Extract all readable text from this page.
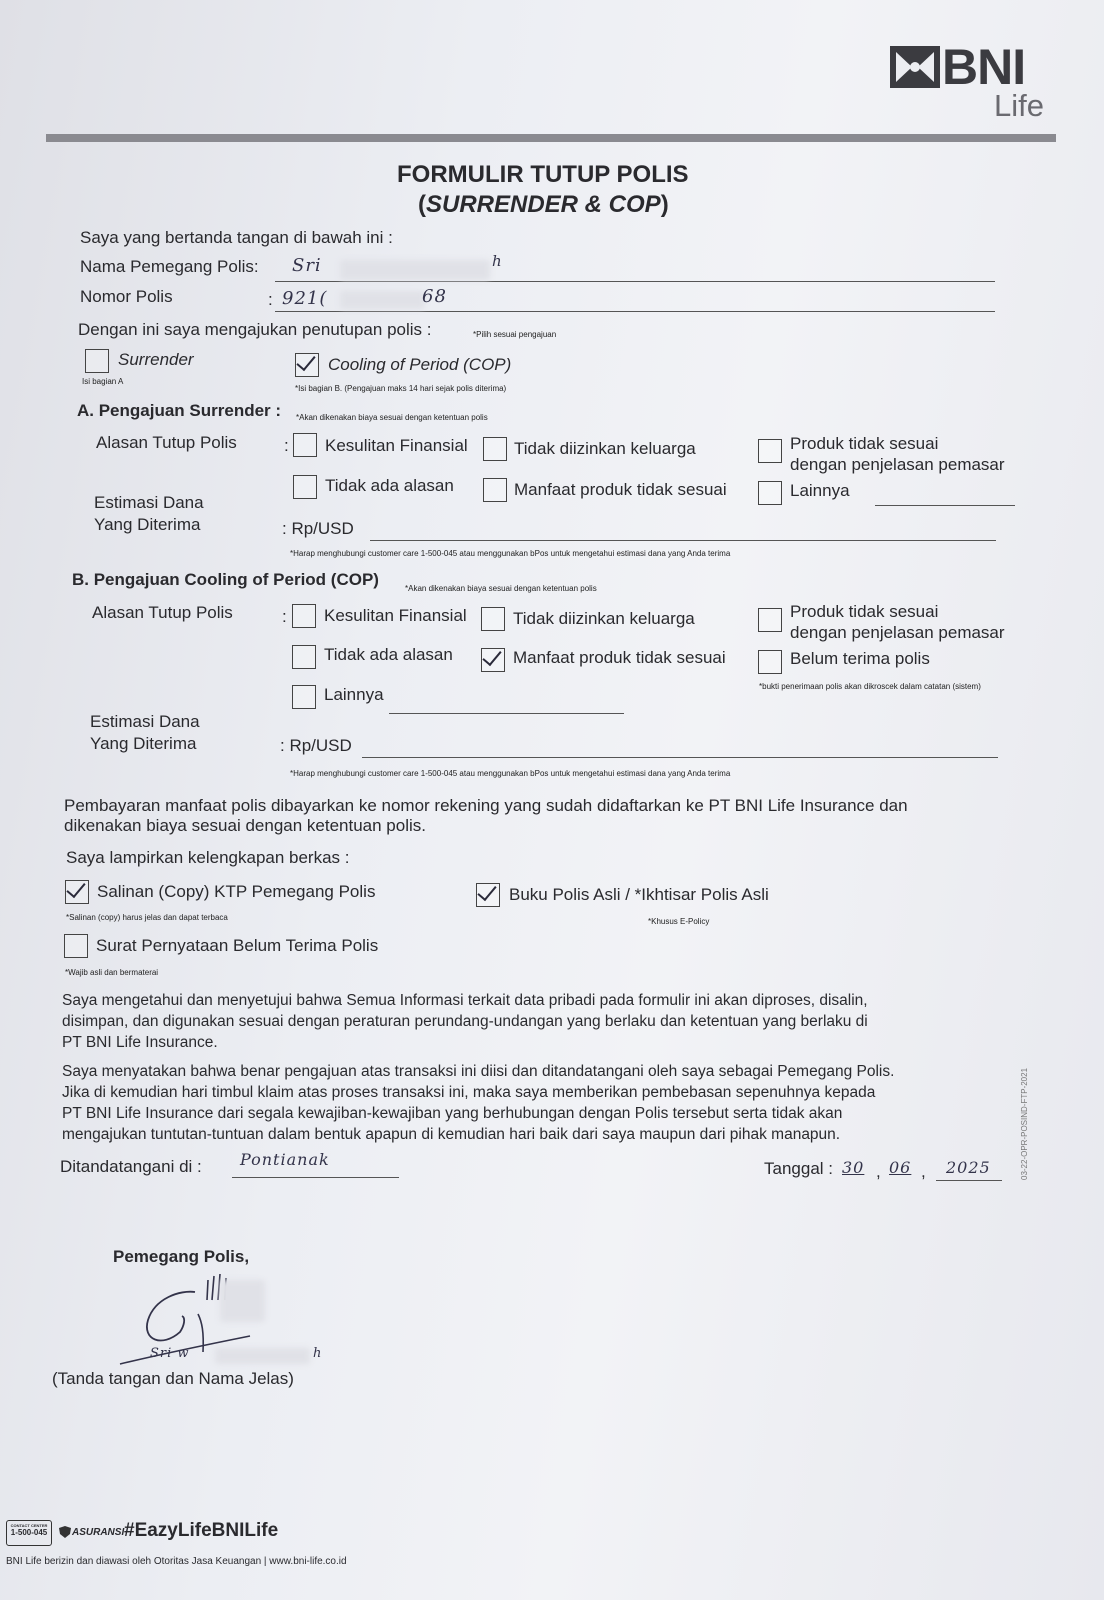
BNI
Life
FORMULIR TUTUP POLIS
(SURRENDER & COP)
Saya yang bertanda tangan di bawah ini :
Nama Pemegang Polis: Sri	h
Nomor Polis	: 921(	68
Dengan ini saya mengajukan penutupan polis :	*Pilih sesuai pengajuan
Surrender
Isi bagian A
Cooling of Period (COP)
*Isi bagian B. (Pengajuan maks 14 hari sejak polis diterima)
A. Pengajuan Surrender : *Akan dikenakan biaya sesuai dengan ketentuan polis
Alasan Tutup Polis	: Kesulitan Finansial	Tidak diizinkan keluarga	Produk tidak sesuai
dengan penjelasan pemasar
Tidak ada alasan	Manfaat produk tidak sesuai	Lainnya
Estimasi Dana
Yang Diterima	: Rp/USD
*Harap menghubungi customer care 1-500-045 atau menggunakan bPos untuk mengetahui estimasi dana yang Anda terima
B. Pengajuan Cooling of Period (COP)	*Akan dikenakan biaya sesuai dengan ketentuan polis
Alasan Tutup Polis	: Kesulitan Finansial	Tidak diizinkan keluarga	Produk tidak sesuai
dengan penjelasan pemasar
Tidak ada alasan	Manfaat produk tidak sesuai	Belum terima polis
*bukti penerimaan polis akan dikroscek dalam catatan (sistem)
Lainnya
Estimasi Dana
Yang Diterima	: Rp/USD
*Harap menghubungi customer care 1-500-045 atau menggunakan bPos untuk mengetahui estimasi dana yang Anda terima
Pembayaran manfaat polis dibayarkan ke nomor rekening yang sudah didaftarkan ke PT BNI Life Insurance dan
dikenakan biaya sesuai dengan ketentuan polis.
Saya lampirkan kelengkapan berkas :
Salinan (Copy) KTP Pemegang Polis
*Salinan (copy) harus jelas dan dapat terbaca
Buku Polis Asli / *Ikhtisar Polis Asli
*Khusus E-Policy
Surat Pernyataan Belum Terima Polis
*Wajib asli dan bermaterai
Saya mengetahui dan menyetujui bahwa Semua Informasi terkait data pribadi pada formulir ini akan diproses, disalin,
disimpan, dan digunakan sesuai dengan peraturan perundang-undangan yang berlaku dan ketentuan yang berlaku di
PT BNI Life Insurance.
Saya menyatakan bahwa benar pengajuan atas transaksi ini diisi dan ditandatangani oleh saya sebagai Pemegang Polis.
Jika di kemudian hari timbul klaim atas proses transaksi ini, maka saya memberikan pembebasan sepenuhnya kepada
PT BNI Life Insurance dari segala kewajiban-kewajiban yang berhubungan dengan Polis tersebut serta tidak akan
mengajukan tuntutan-tuntuan dalam bentuk apapun di kemudian hari baik dari saya maupun dari pihak manapun.
Ditandatangani di : Pontianak	Tanggal : 30 , 06 , 2025
Pemegang Polis,
Sri w	h
(Tanda tangan dan Nama Jelas)
03-22-OPR-POSIND-FTP-2021
CONTACT CENTER
1-500-045	ASURANSI #EazyLifeBNILife
BNI Life berizin dan diawasi oleh Otoritas Jasa Keuangan | www.bni-life.co.id
